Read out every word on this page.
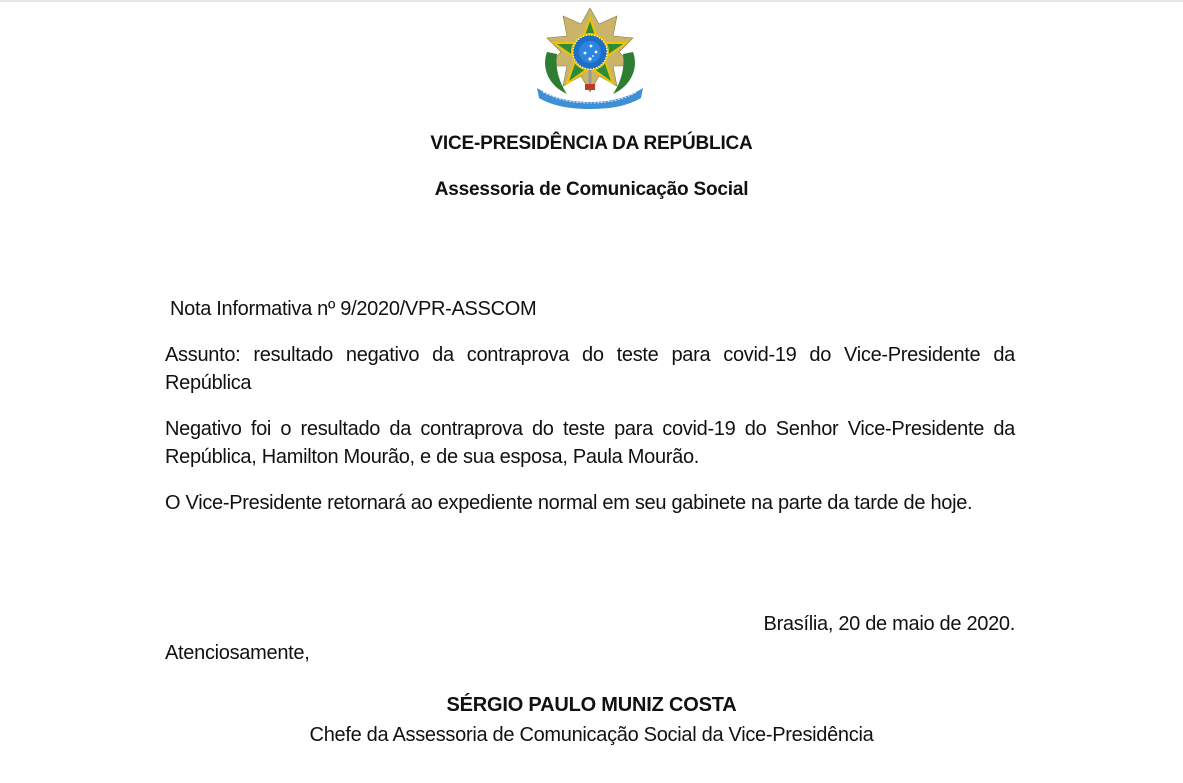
VICE-PRESIDÊNCIA DA REPÚBLICA
Assessoria de Comunicação Social
Nota Informativa nº 9/2020/VPR-ASSCOM
Assunto: resultado negativo da contraprova do teste para covid-19 do Vice-Presidente da
República
Negativo foi o resultado da contraprova do teste para covid-19 do Senhor Vice-Presidente da
República, Hamilton Mourão, e de sua esposa, Paula Mourão.
O Vice-Presidente retornará ao expediente normal em seu gabinete na parte da tarde de hoje.
Brasília, 20 de maio de 2020.
Atenciosamente,
SÉRGIO PAULO MUNIZ COSTA
Chefe da Assessoria de Comunicação Social da Vice-Presidência
